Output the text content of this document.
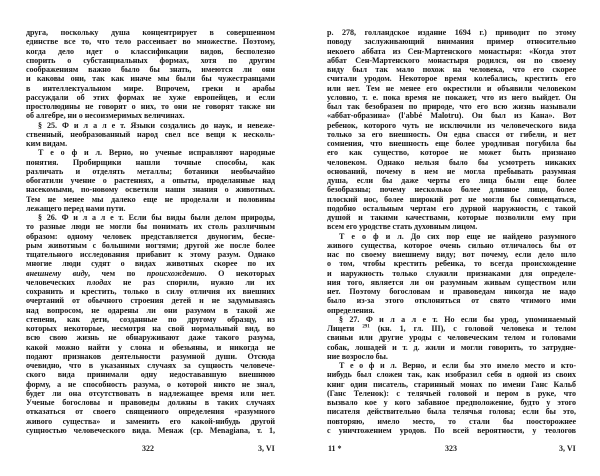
друга, поскольку душа концентрирует в совершенном
единстве все то, что тело рассеивает во множестве. Поэтому,
когда дело идет о классификации видов, бесполезно
спорить о субстанциальных формах, хотя по другим
соображениям важно было бы знать, имеются ли они
и каковы они, так как иначе мы были бы чужестранцами
в интеллектуальном мире. Впрочем, греки и арабы
рассуждали об этих формах не хуже европейцев, и если
простолюдины не говорят о них, то они не говорят также ни
об алгебре, ни о несоизмеримых величинах.
§ 25. Ф и л а л е т. Языки создались до наук, и невеже-
ственный, необразованный народ свел все вещи к несколь-
ким видам.
Т е о ф и л. Верно, но ученые исправляют народные
понятия. Пробирщики нашли точные способы, как
различать и отделять металлы; ботаники необычайно
обогатили учение о растениях, а опыты, проделанные над
насекомыми, по-новому осветили наши знания о животных.
Тем не менее мы далеко еще не проделали и половины
лежащего перед нами пути.
§ 26. Ф и л а л е т. Если бы виды были делом природы,
то разные люди не могли бы понимать их столь различным
образом: одному человек представляется двуногим, бесне-
рым животным с большими ногтями; другой же после более
тщательного исследования прибавит к этому разум. Однако
многие люди судят о видах животных скорее по их
внешнему виду, чем по происхождению. О некоторых
человеческих плодах не раз спорили, нужно ли их
сохранить и крестить, только в силу отличия их внешних
очертаний от обычного строения детей и не задумываясь
над вопросом, не одарены ли они разумом в такой же
степени, как дети, созданные по другому образцу, из
которых некоторые, несмотря на свой нормальный вид, во
всю свою жизнь не обнаруживают даже такого разума,
какой можно найти у слона и обезьяны, и никогда не
подают признаков деятельности разумной души. Отсюда
очевидно, что в указанных случаях за сущность человече-
ского вида принимали одну недостававшую внешнюю
форму, а не способность разума, о которой никто не знал,
будет ли она отсутствовать в надлежащее время или нет.
Ученые богословы и правоведы должны в таких случаях
отказаться от своего священного определения «разумного
живого существа» и заменить его какой-нибудь другой
сущностью человеческого вида. Менаж (ср. Menagiana, т. 1,
р. 278, голландское издание 1694 г.) приводит по этому
поводу заслуживающий внимания пример относительно
некоего аббата из Сен-Мартенского монастыря: «Когда этот
аббат Сен-Мартенского монастыря родился, он по своему
виду был так мало похож на человека, что его скорее
считали уродом. Некоторое время колебались, крестить его
или нет. Тем не менее его окрестили и объявили человеком
условно, т. е. пока время не покажет, что из него выйдет. Он
был так безобразен по природе, что его всю жизнь называли
«аббат-образина» (l'abbé Malotru). Он был из Кана». Вот
ребенок, которого чуть не исключили из человеческого вида
только за его внешность. Он едва спасся от гибели, и нет
сомнения, что внешность еще более уродливая погубила бы
его как существо, которое не может быть признано
человеком. Однако нельзя было бы усмотреть никаких
оснований, почему в нем не могла пребывать разумная
душа, если бы даже черты его лица были еще более
безобразны; почему несколько более длинное лицо, более
плоский нос, более широкий рот не могли бы совмещаться,
подобно остальным чертам его дурной наружности, с такой
душой и такими качествами, которые позволили ему при
всем его уродстве стать духовным лицом.
Т е о ф и л. До сих пор еще не найдено разумного
живого существа, которое очень сильно отличалось бы от
нас по своему внешнему виду; вот почему, если дело шло
о том, чтобы крестить ребенка, то всегда происхождение
и наружность только служили признаками для определе-
ния того, является ли он разумным живым существом или
нет. Поэтому богословам и правоведам никогда не надо
было из-за этого отклоняться от свято чтимого ими
определения.
§ 27. Ф и л а л е т. Но если бы урод, упоминаемый
Лицети $^{291}$ (кн. 1, гл. III), с головой человека и телом
свиньи или другие уроды с человеческим телом и головами
собак, лошадей и т. д. жили и могли говорить, то затрудне-
ние возросло бы.
Т е о ф и л. Верно, и если бы это имело место и кто-
нибудь был сложен так, как изобразил себя в одной из своих
книг один писатель, старинный монах по имени Ганс Кальб
(Ганс Теленок): с телячьей головой и пером в руке, что
вызвало кое у кого забавное предположение, будто у этого
писателя действительно была телячья голова; если бы это,
повторяю, имело место, то стали бы поосторожнее
с уничтожением уродов. По всей вероятности, у теологов
322	3, VI	11 *	323	3, VI
